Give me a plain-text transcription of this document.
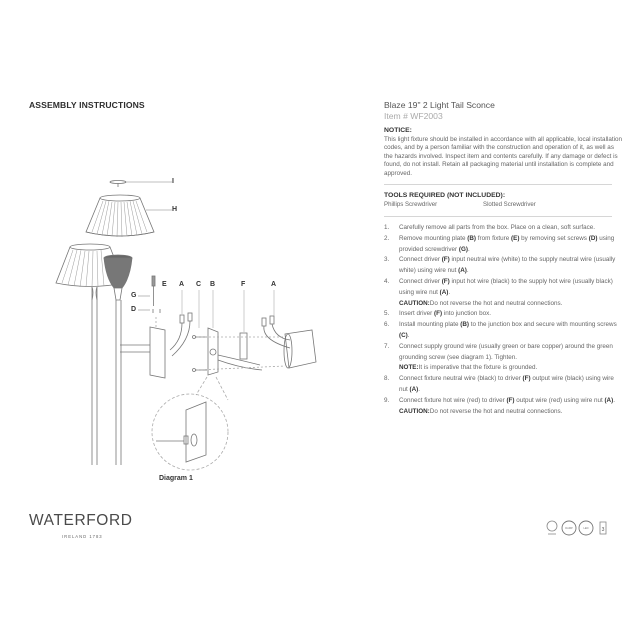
ASSEMBLY INSTRUCTIONS
I
H
G
D
E A C B	F	A
Diagram 1
WATERFORD
IRELAND 1783
Blaze 19" 2 Light Tail Sconce
Item # WF2003
NOTICE:
This light fixture should be installed in accordance with all applicable, local installation codes, and by a person familiar with the construction and operation of it, as well as the hazards involved. Inspect item and contents carefully. If any damage or defect is found, do not install. Retain all packaging material until installation is complete and approved.
TOOLS REQUIRED (NOT INCLUDED):
Phillips Screwdriver	Slotted Screwdriver
1.	Carefully remove all parts from the box. Place on a clean, soft surface.
2.	Remove mounting plate (B) from fixture (E) by removing set screws (D) using provided screwdriver (G).
3.	Connect driver (F) input neutral wire (white) to the supply neutral wire (usually white) using wire nut (A).
4.	Connect driver (F) input hot wire (black) to the supply hot wire (usually black) using wire nut (A).
CAUTION: Do not reverse the hot and neutral connections.
5.	Insert driver (F) into junction box.
6.	Install mounting plate (B) to the junction box and secure with mounting screws (C).
7.	Connect supply ground wire (usually green or bare copper) around the green grounding screw (see diagram 1). Tighten.
NOTE: It is imperative that the fixture is grounded.
8.	Connect fixture neutral wire (black) to driver (F) output wire (black) using wire nut (A).
9.	Connect fixture hot wire (red) to driver (F) output wire (red) using wire nut (A).
CAUTION: Do not reverse the hot and neutral connections.
DAMP	LED	3
